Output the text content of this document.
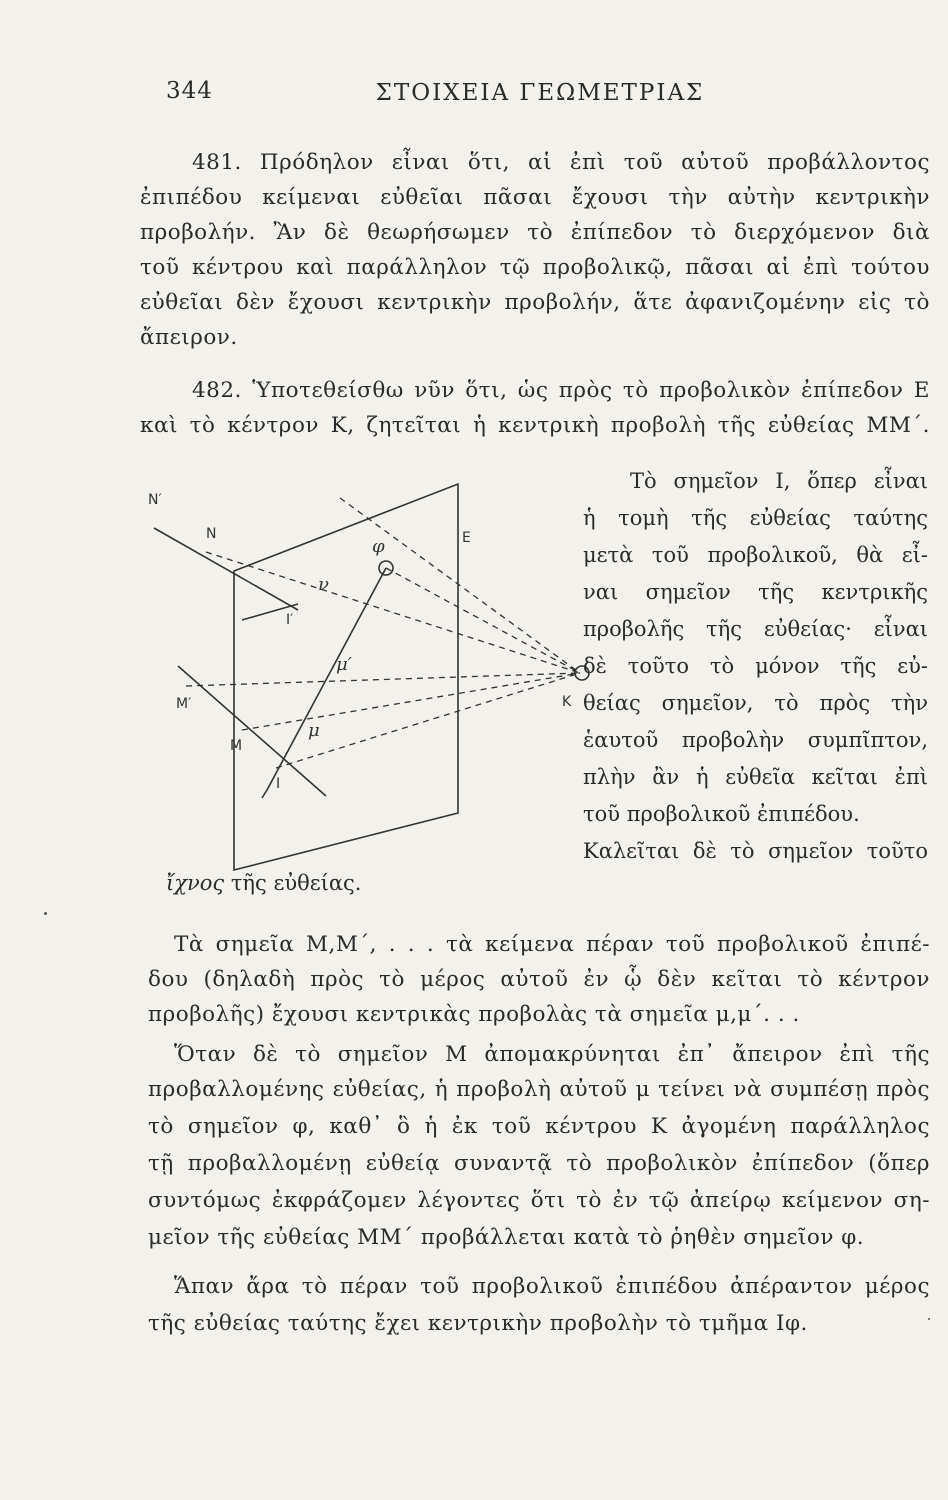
344	ΣΤΟΙΧΕΙΑ ΓΕΩΜΕΤΡΙΑΣ
481. Πρόδηλον εἶναι ὅτι, αἱ ἐπὶ τοῦ αὐτοῦ προβάλλοντος
ἐπιπέδου κείμεναι εὐθεῖαι πᾶσαι ἔχουσι τὴν αὐτὴν κεντρικὴν
προβολήν. Ἂν δὲ θεωρήσωμεν τὸ ἐπίπεδον τὸ διερχόμενον διὰ
τοῦ κέντρου καὶ παράλληλον τῷ προβολικῷ, πᾶσαι αἱ ἐπὶ τούτου
εὐθεῖαι δὲν ἔχουσι κεντρικὴν προβολήν, ἅτε ἀφανιζομένην εἰς τὸ
ἄπειρον.
482. Ὑποτεθείσθω νῦν ὅτι, ὡς πρὸς τὸ προβολικὸν ἐπίπεδον Ε
καὶ τὸ κέντρον Κ, ζητεῖται ἡ κεντρικὴ προβολὴ τῆς εὐθείας ΜΜ΄.
Τὸ σημεῖον Ι, ὅπερ εἶναι
ἡ τομὴ τῆς εὐθείας ταύτης
μετὰ τοῦ προβολικοῦ, θὰ εἶ-
ναι σημεῖον τῆς κεντρικῆς
προβολῆς τῆς εὐθείας· εἶναι
δὲ τοῦτο τὸ μόνον τῆς εὐ-
θείας σημεῖον, τὸ πρὸς τὴν
ἑαυτοῦ προβολὴν συμπῖπτον,
πλὴν ἂν ἡ εὐθεῖα κεῖται ἐπὶ
τοῦ προβολικοῦ ἐπιπέδου.
Καλεῖται δὲ τὸ σημεῖον τοῦτο
N′
N
φ	E
ν
I′
μ′
K
M′
μ
M
I
ἴχνος τῆς εὐθείας.
Τὰ σημεῖα Μ,Μ΄, . . . τὰ κείμενα πέραν τοῦ προβολικοῦ ἐπιπέ-
δου (δηλαδὴ πρὸς τὸ μέρος αὐτοῦ ἐν ᾧ δὲν κεῖται τὸ κέντρον
προβολῆς) ἔχουσι κεντρικὰς προβολὰς τὰ σημεῖα μ,μ΄. . .
Ὅταν δὲ τὸ σημεῖον Μ ἀπομακρύνηται ἐπ᾽ ἄπειρον ἐπὶ τῆς
προβαλλομένης εὐθείας, ἡ προβολὴ αὐτοῦ μ τείνει νὰ συμπέσῃ πρὸς
τὸ σημεῖον φ, καθ᾽ ὃ ἡ ἐκ τοῦ κέντρου Κ ἀγομένη παράλληλος
τῇ προβαλλομένῃ εὐθείᾳ συναντᾷ τὸ προβολικὸν ἐπίπεδον (ὅπερ
συντόμως ἐκφράζομεν λέγοντες ὅτι τὸ ἐν τῷ ἀπείρῳ κείμενον ση-
μεῖον τῆς εὐθείας ΜΜ΄ προβάλλεται κατὰ τὸ ῥηθὲν σημεῖον φ.
Ἅπαν ἄρα τὸ πέραν τοῦ προβολικοῦ ἐπιπέδου ἀπέραντον μέρος
τῆς εὐθείας ταύτης ἔχει κεντρικὴν προβολὴν τὸ τμῆμα Ιφ.
